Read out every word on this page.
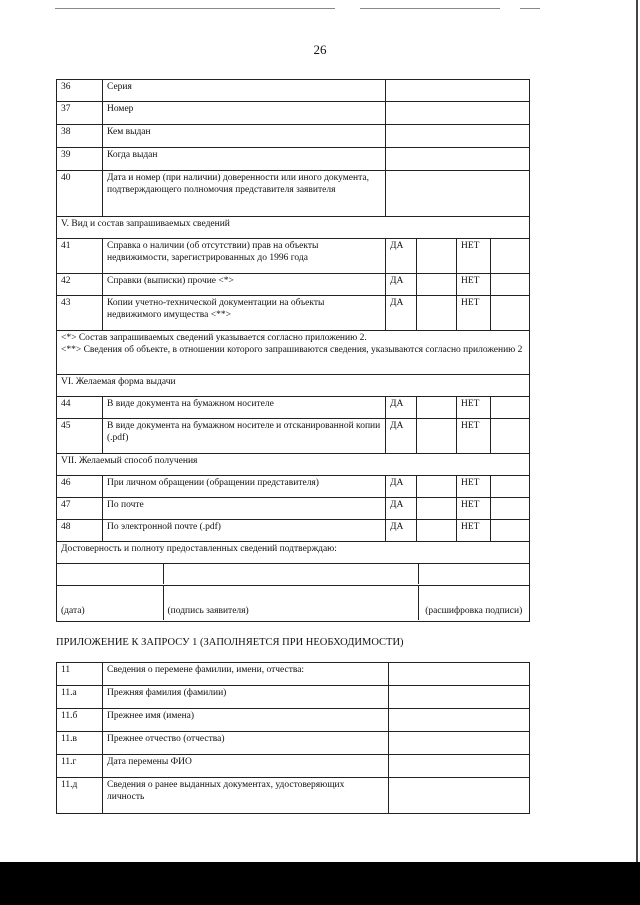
26
36	Серия	
37	Номер	
38	Кем выдан	
39	Когда выдан	
40	Дата и номер (при наличии) доверенности или иного документа, подтверждающего полномочия представителя заявителя	
V. Вид и состав запрашиваемых сведений
41	Справка о наличии (об отсутствии) прав на объекты недвижимости, зарегистрированных до 1996 года	ДА		НЕТ	
42	Справки (выписки) прочие <*>	ДА		НЕТ	
43	Копии учетно-технической документации на объекты недвижимого имущества <**>	ДА		НЕТ	

<*> Состав запрашиваемых сведений указывается согласно приложению 2.
<**> Сведения об объекте, в отношении которого запрашиваются сведения, указываются согласно приложению 2

VI. Желаемая форма выдачи
44	В виде документа на бумажном носителе	ДА		НЕТ	
45	В виде документа на бумажном носителе и отсканированной копии (.pdf)	ДА		НЕТ	
VII. Желаемый способ получения
46	При личном обращении (обращении представителя)	ДА		НЕТ	
47	По почте	ДА		НЕТ	
48	По электронной почте (.pdf)	ДА		НЕТ	
Достоверность и полноту предоставленных сведений подтверждаю:

(дата)	(подпись заявителя)	(расшифровка подписи)
ПРИЛОЖЕНИЕ К ЗАПРОСУ 1 (ЗАПОЛНЯЕТСЯ ПРИ НЕОБХОДИМОСТИ)
11	Сведения о перемене фамилии, имени, отчества:	
11.а	Прежняя фамилия (фамилии)	
11.б	Прежнее имя (имена)	
11.в	Прежнее отчество (отчества)	
11.г	Дата перемены ФИО	
11.д	Сведения о ранее выданных документах, удостоверяющих личность	
